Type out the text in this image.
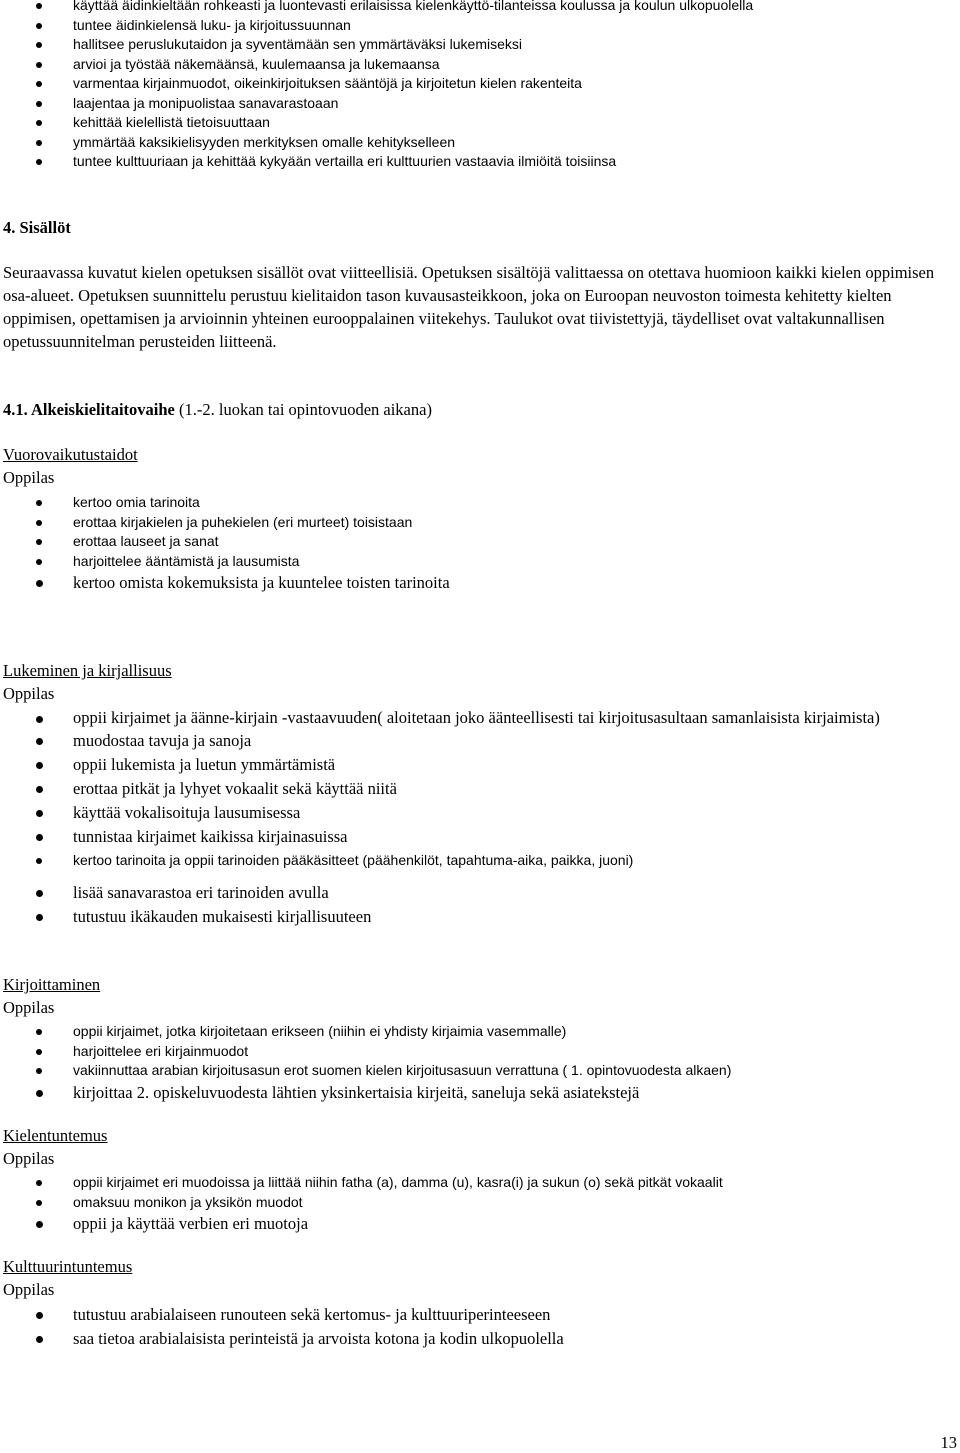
käyttää äidinkieltään rohkeasti ja luontevasti erilaisissa kielenkäyttö-tilanteissa koulussa ja koulun ulkopuolella
tuntee äidinkielensä luku- ja kirjoitussuunnan
hallitsee peruslukutaidon ja syventämään sen ymmärtäväksi lukemiseksi
arvioi ja työstää näkemäänsä, kuulemaansa ja lukemaansa
varmentaa kirjainmuodot, oikeinkirjoituksen sääntöjä ja kirjoitetun kielen rakenteita
laajentaa ja monipuolistaa sanavarastoaan
kehittää kielellistä tietoisuuttaan
ymmärtää kaksikielisyyden merkityksen omalle kehitykselleen
tuntee kulttuuriaan ja kehittää kykyään vertailla eri kulttuurien vastaavia ilmiöitä toisiinsa
4. Sisällöt
Seuraavassa kuvatut kielen opetuksen sisällöt ovat viitteellisiä. Opetuksen sisältöjä valittaessa on otettava huomioon kaikki kielen oppimisen osa-alueet. Opetuksen suunnittelu perustuu kielitaidon tason kuvausasteikkoon, joka on Euroopan neuvoston toimesta kehitetty kielten oppimisen, opettamisen ja arvioinnin yhteinen eurooppalainen viitekehys. Taulukot ovat tiivistettyjä, täydelliset ovat valtakunnallisen opetussuunnitelman perusteiden liitteenä.
4.1. Alkeiskielitaitovaihe (1.-2. luokan tai opintovuoden aikana)
Vuorovaikutustaidot
Oppilas
kertoo omia tarinoita
erottaa kirjakielen ja puhekielen (eri murteet) toisistaan
erottaa lauseet ja sanat
harjoittelee ääntämistä ja lausumista
kertoo omista kokemuksista ja kuuntelee toisten tarinoita
Lukeminen ja kirjallisuus
Oppilas
oppii kirjaimet ja äänne-kirjain -vastaavuuden( aloitetaan joko äänteellisesti tai kirjoitusasultaan samanlaisista kirjaimista)
muodostaa tavuja ja sanoja
oppii lukemista ja luetun ymmärtämistä
erottaa pitkät ja lyhyet vokaalit sekä käyttää niitä
käyttää vokalisoituja lausumisessa
tunnistaa kirjaimet kaikissa kirjainasuissa
kertoo tarinoita ja oppii tarinoiden pääkäsitteet (päähenkilöt, tapahtuma-aika, paikka, juoni)
lisää sanavarastoa eri tarinoiden avulla
tutustuu ikäkauden mukaisesti kirjallisuuteen
Kirjoittaminen
Oppilas
oppii kirjaimet, jotka kirjoitetaan erikseen (niihin ei yhdisty kirjaimia vasemmalle)
harjoittelee eri kirjainmuodot
vakiinnuttaa arabian kirjoitusasun erot suomen kielen kirjoitusasuun verrattuna ( 1. opintovuodesta alkaen)
kirjoittaa 2. opiskeluvuodesta lähtien yksinkertaisia kirjeitä, saneluja sekä asiatekstejä
Kielentuntemus
Oppilas
oppii kirjaimet eri muodoissa ja liittää niihin fatha (a), damma (u), kasra(i) ja sukun (o) sekä pitkät vokaalit
omaksuu monikon ja yksikön muodot
oppii ja käyttää verbien eri muotoja
Kulttuurintuntemus
Oppilas
tutustuu arabialaiseen runouteen sekä kertomus- ja kulttuuriperinteeseen
saa tietoa arabialaisista perinteistä ja arvoista kotona ja kodin ulkopuolella
13
